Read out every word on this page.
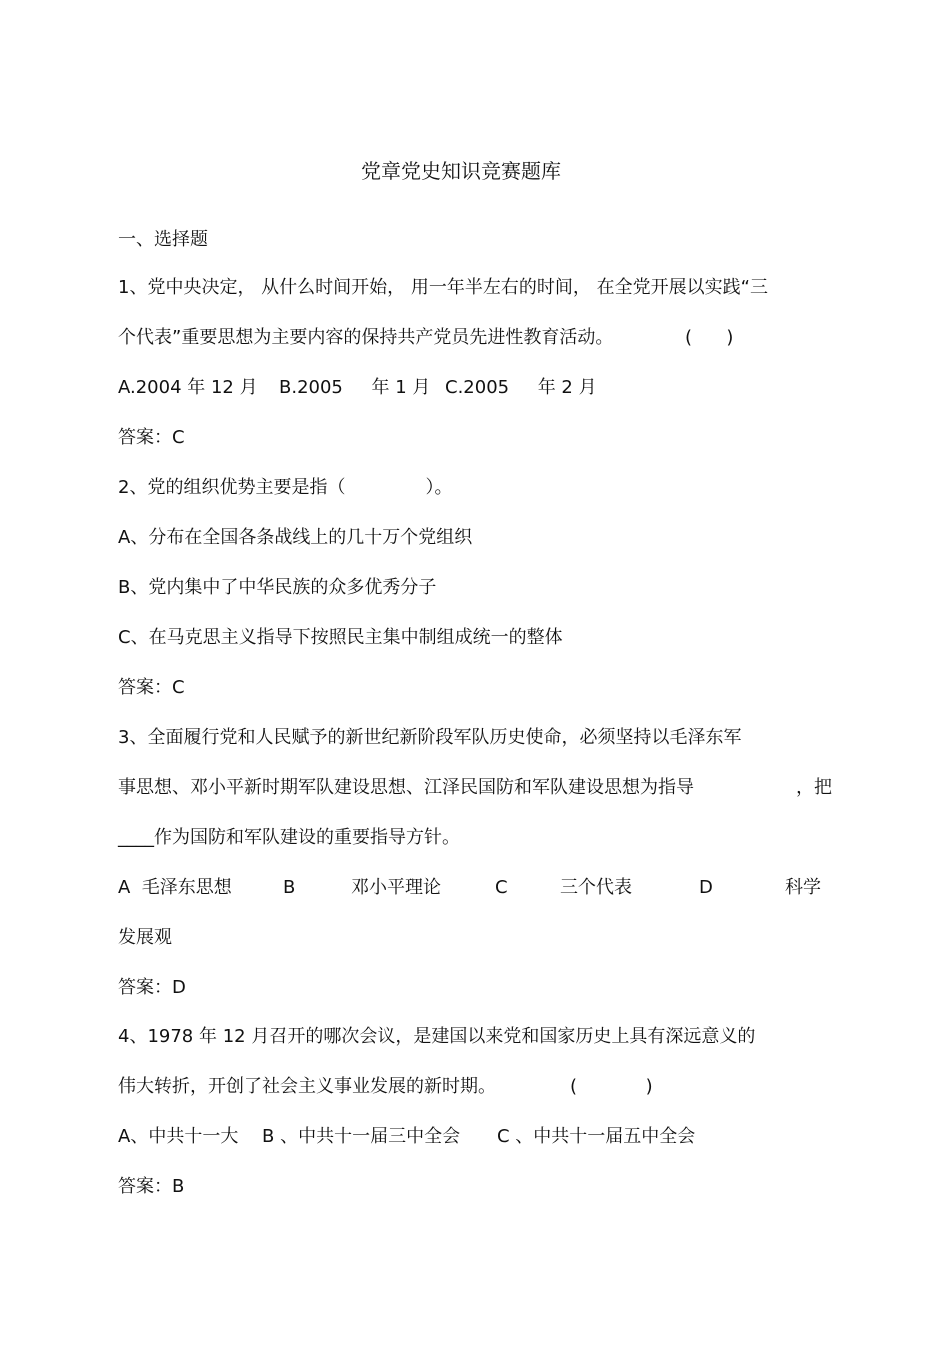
党章党史知识竞赛题库
一、选择题
1、党中央决定， 从什么时间开始， 用一年半左右的时间， 在全党开展以实践“三
个代表”重要思想为主要内容的保持共产党员先进性教育活动。	(      )
A.2004 年 12 月 B.2005     年 1 月 C.2005     年 2 月
答案：C
2、党的组织优势主要是指（              ）。
A、分布在全国各条战线上的几十万个党组织
B、党内集中了中华民族的众多优秀分子
C、在马克思主义指导下按照民主集中制组成统一的整体
答案：C
3、全面履行党和人民赋予的新世纪新阶段军队历史使命，必须坚持以毛泽东军
事思想、邓小平新时期军队建设思想、江泽民国防和军队建设思想为指导	，把
____作为国防和军队建设的重要指导方针。
A  毛泽东思想	B	邓小平理论	C	三个代表	D	科学
发展观
答案：D
4、1978 年 12 月召开的哪次会议，是建国以来党和国家历史上具有深远意义的
伟大转折，开创了社会主义事业发展的新时期。	(            )
A、中共十一大 B 、中共十一届三中全会 C 、中共十一届五中全会
答案：B
